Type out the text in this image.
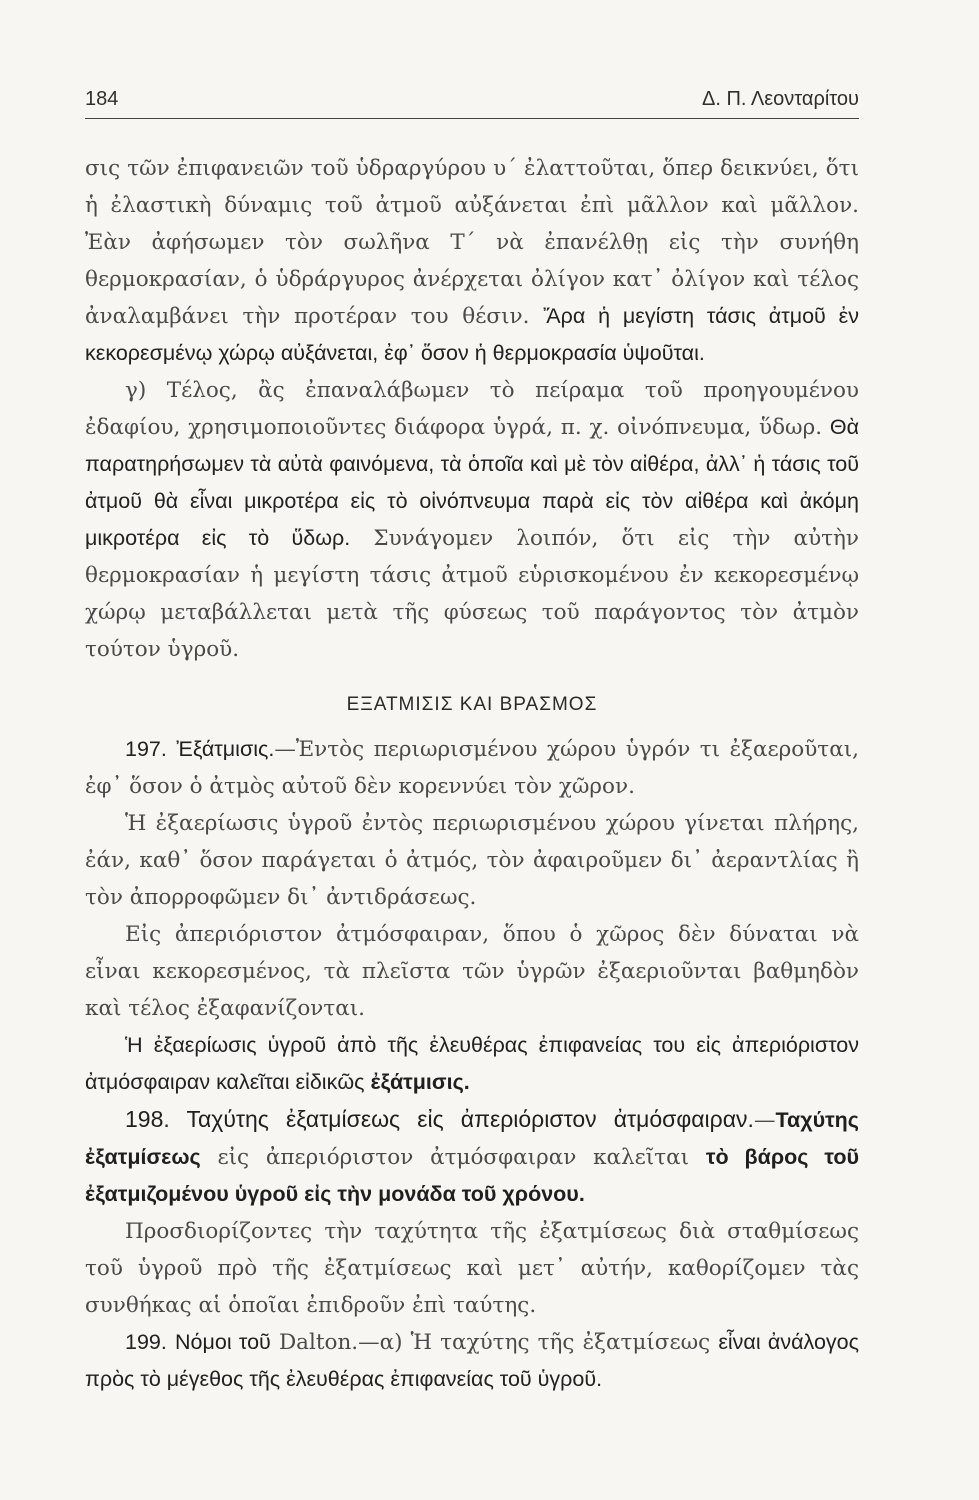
184	Δ. Π. Λεονταρίτου

σις τῶν ἐπιφανειῶν τοῦ ὑδραργύρου υ΄ ἐλαττοῦται, ὅπερ δεικνύει, ὅτι ἡ ἐλαστικὴ δύναμις τοῦ ἀτμοῦ αὐξάνεται ἐπὶ μᾶλλον καὶ μᾶλλον. Ἐὰν ἀφήσωμεν τὸν σωλῆνα Τ΄ νὰ ἐπανέλθῃ εἰς τὴν συνήθη θερμοκρασίαν, ὁ ὑδράργυρος ἀνέρχεται ὀλίγον κατ᾽ ὀλίγον καὶ τέλος ἀναλαμβάνει τὴν προτέραν του θέσιν. Ἄρα ἡ μεγίστη τάσις ἀτμοῦ ἐν κεκορεσμένῳ χώρῳ αὐξάνεται, ἐφ᾽ ὅσον ἡ θερμοκρασία ὑψοῦται.

γ) Τέλος, ἂς ἐπαναλάβωμεν τὸ πείραμα τοῦ προηγουμένου ἐδαφίου, χρησιμοποιοῦντες διάφορα ὑγρά, π. χ. οἰνόπνευμα, ὕδωρ. Θὰ παρατηρήσωμεν τὰ αὐτὰ φαινόμενα, τὰ ὁποῖα καὶ μὲ τὸν αἰθέρα, ἀλλ᾽ ἡ τάσις τοῦ ἀτμοῦ θὰ εἶναι μικροτέρα εἰς τὸ οἰνόπνευμα παρὰ εἰς τὸν αἰθέρα καὶ ἀκόμη μικροτέρα εἰς τὸ ὕδωρ. Συνάγομεν λοιπόν, ὅτι εἰς τὴν αὐτὴν θερμοκρασίαν ἡ μεγίστη τάσις ἀτμοῦ εὑρισκομένου ἐν κεκορεσμένῳ χώρῳ μεταβάλλεται μετὰ τῆς φύσεως τοῦ παράγοντος τὸν ἀτμὸν τούτον ὑγροῦ.

ΕΞΑΤΜΙΣΙΣ ΚΑΙ ΒΡΑΣΜΟΣ

197. Ἐξάτμισις.—Ἐντὸς περιωρισμένου χώρου ὑγρόν τι ἐξαεροῦται, ἐφ᾽ ὅσον ὁ ἀτμὸς αὐτοῦ δὲν κορεννύει τὸν χῶρον.

Ἡ ἐξαερίωσις ὑγροῦ ἐντὸς περιωρισμένου χώρου γίνεται πλήρης, ἐάν, καθ᾽ ὅσον παράγεται ὁ ἀτμός, τὸν ἀφαιροῦμεν δι᾽ ἀεραντλίας ἢ τὸν ἀπορροφῶμεν δι᾽ ἀντιδράσεως.

Εἰς ἀπεριόριστον ἀτμόσφαιραν, ὅπου ὁ χῶρος δὲν δύναται νὰ εἶναι κεκορεσμένος, τὰ πλεῖστα τῶν ὑγρῶν ἐξαεριοῦνται βαθμηδὸν καὶ τέλος ἐξαφανίζονται.

Ἡ ἐξαερίωσις ὑγροῦ ἀπὸ τῆς ἐλευθέρας ἐπιφανείας του εἰς ἀπεριόριστον ἀτμόσφαιραν καλεῖται εἰδικῶς ἐξάτμισις.

198. Ταχύτης ἐξατμίσεως εἰς ἀπεριόριστον ἀτμόσφαιραν.—Ταχύτης ἐξατμίσεως εἰς ἀπεριόριστον ἀτμόσφαιραν καλεῖται τὸ βάρος τοῦ ἐξατμιζομένου ὑγροῦ εἰς τὴν μονάδα τοῦ χρόνου.

Προσδιορίζοντες τὴν ταχύτητα τῆς ἐξατμίσεως διὰ σταθμίσεως τοῦ ὑγροῦ πρὸ τῆς ἐξατμίσεως καὶ μετ᾽ αὐτήν, καθορίζομεν τὰς συνθήκας αἱ ὁποῖαι ἐπιδροῦν ἐπὶ ταύτης.

199. Νόμοι τοῦ Dalton.—α) Ἡ ταχύτης τῆς ἐξατμίσεως εἶναι ἀνάλογος πρὸς τὸ μέγεθος τῆς ἐλευθέρας ἐπιφανείας τοῦ ὑγροῦ.
